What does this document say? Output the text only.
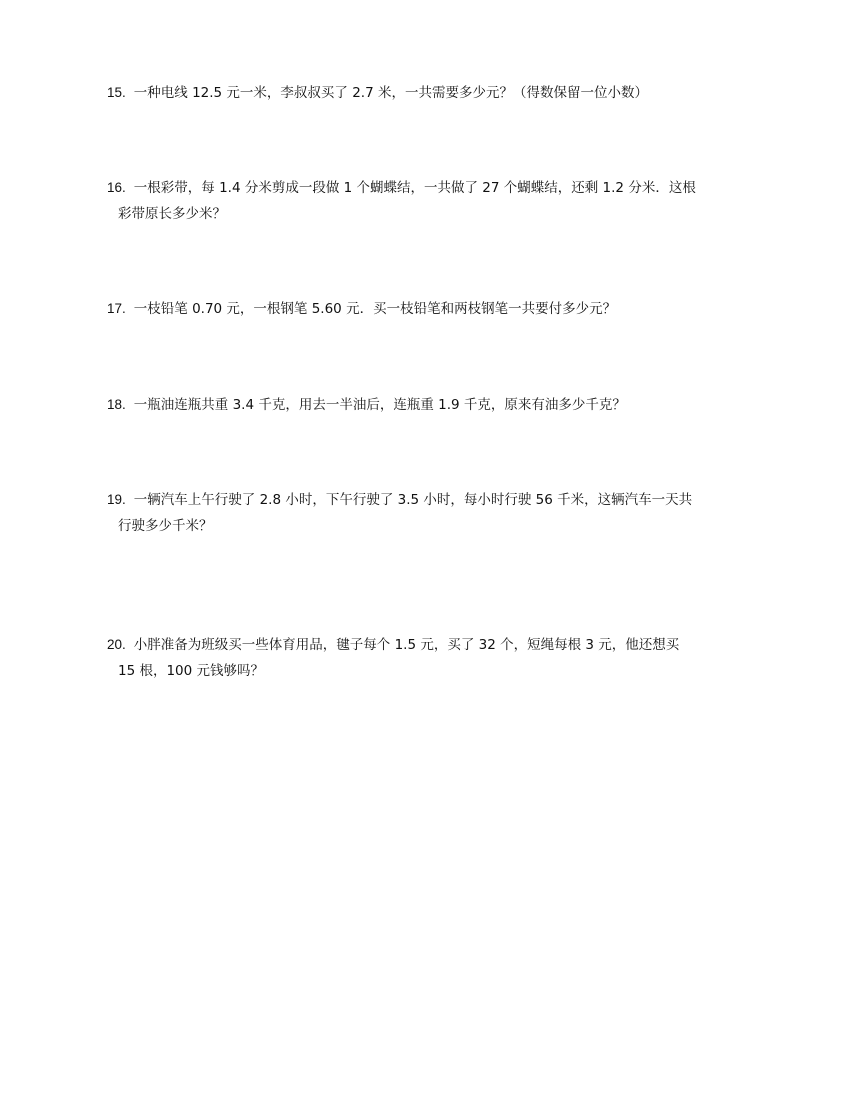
15. 一种电线 12.5 元一米，李叔叔买了 2.7 米，一共需要多少元？（得数保留一位小数）
16. 一根彩带，每 1.4 分米剪成一段做 1 个蝴蝶结，一共做了 27 个蝴蝶结，还剩 1.2 分米．这根
彩带原长多少米？
17. 一枝铅笔 0.70 元，一根钢笔 5.60 元．买一枝铅笔和两枝钢笔一共要付多少元？
18. 一瓶油连瓶共重 3.4 千克，用去一半油后，连瓶重 1.9 千克，原来有油多少千克？
19. 一辆汽车上午行驶了 2.8 小时，下午行驶了 3.5 小时，每小时行驶 56 千米，这辆汽车一天共
行驶多少千米？
20. 小胖准备为班级买一些体育用品，毽子每个 1.5 元，买了 32 个，短绳每根 3 元，他还想买
15 根，100 元钱够吗？
